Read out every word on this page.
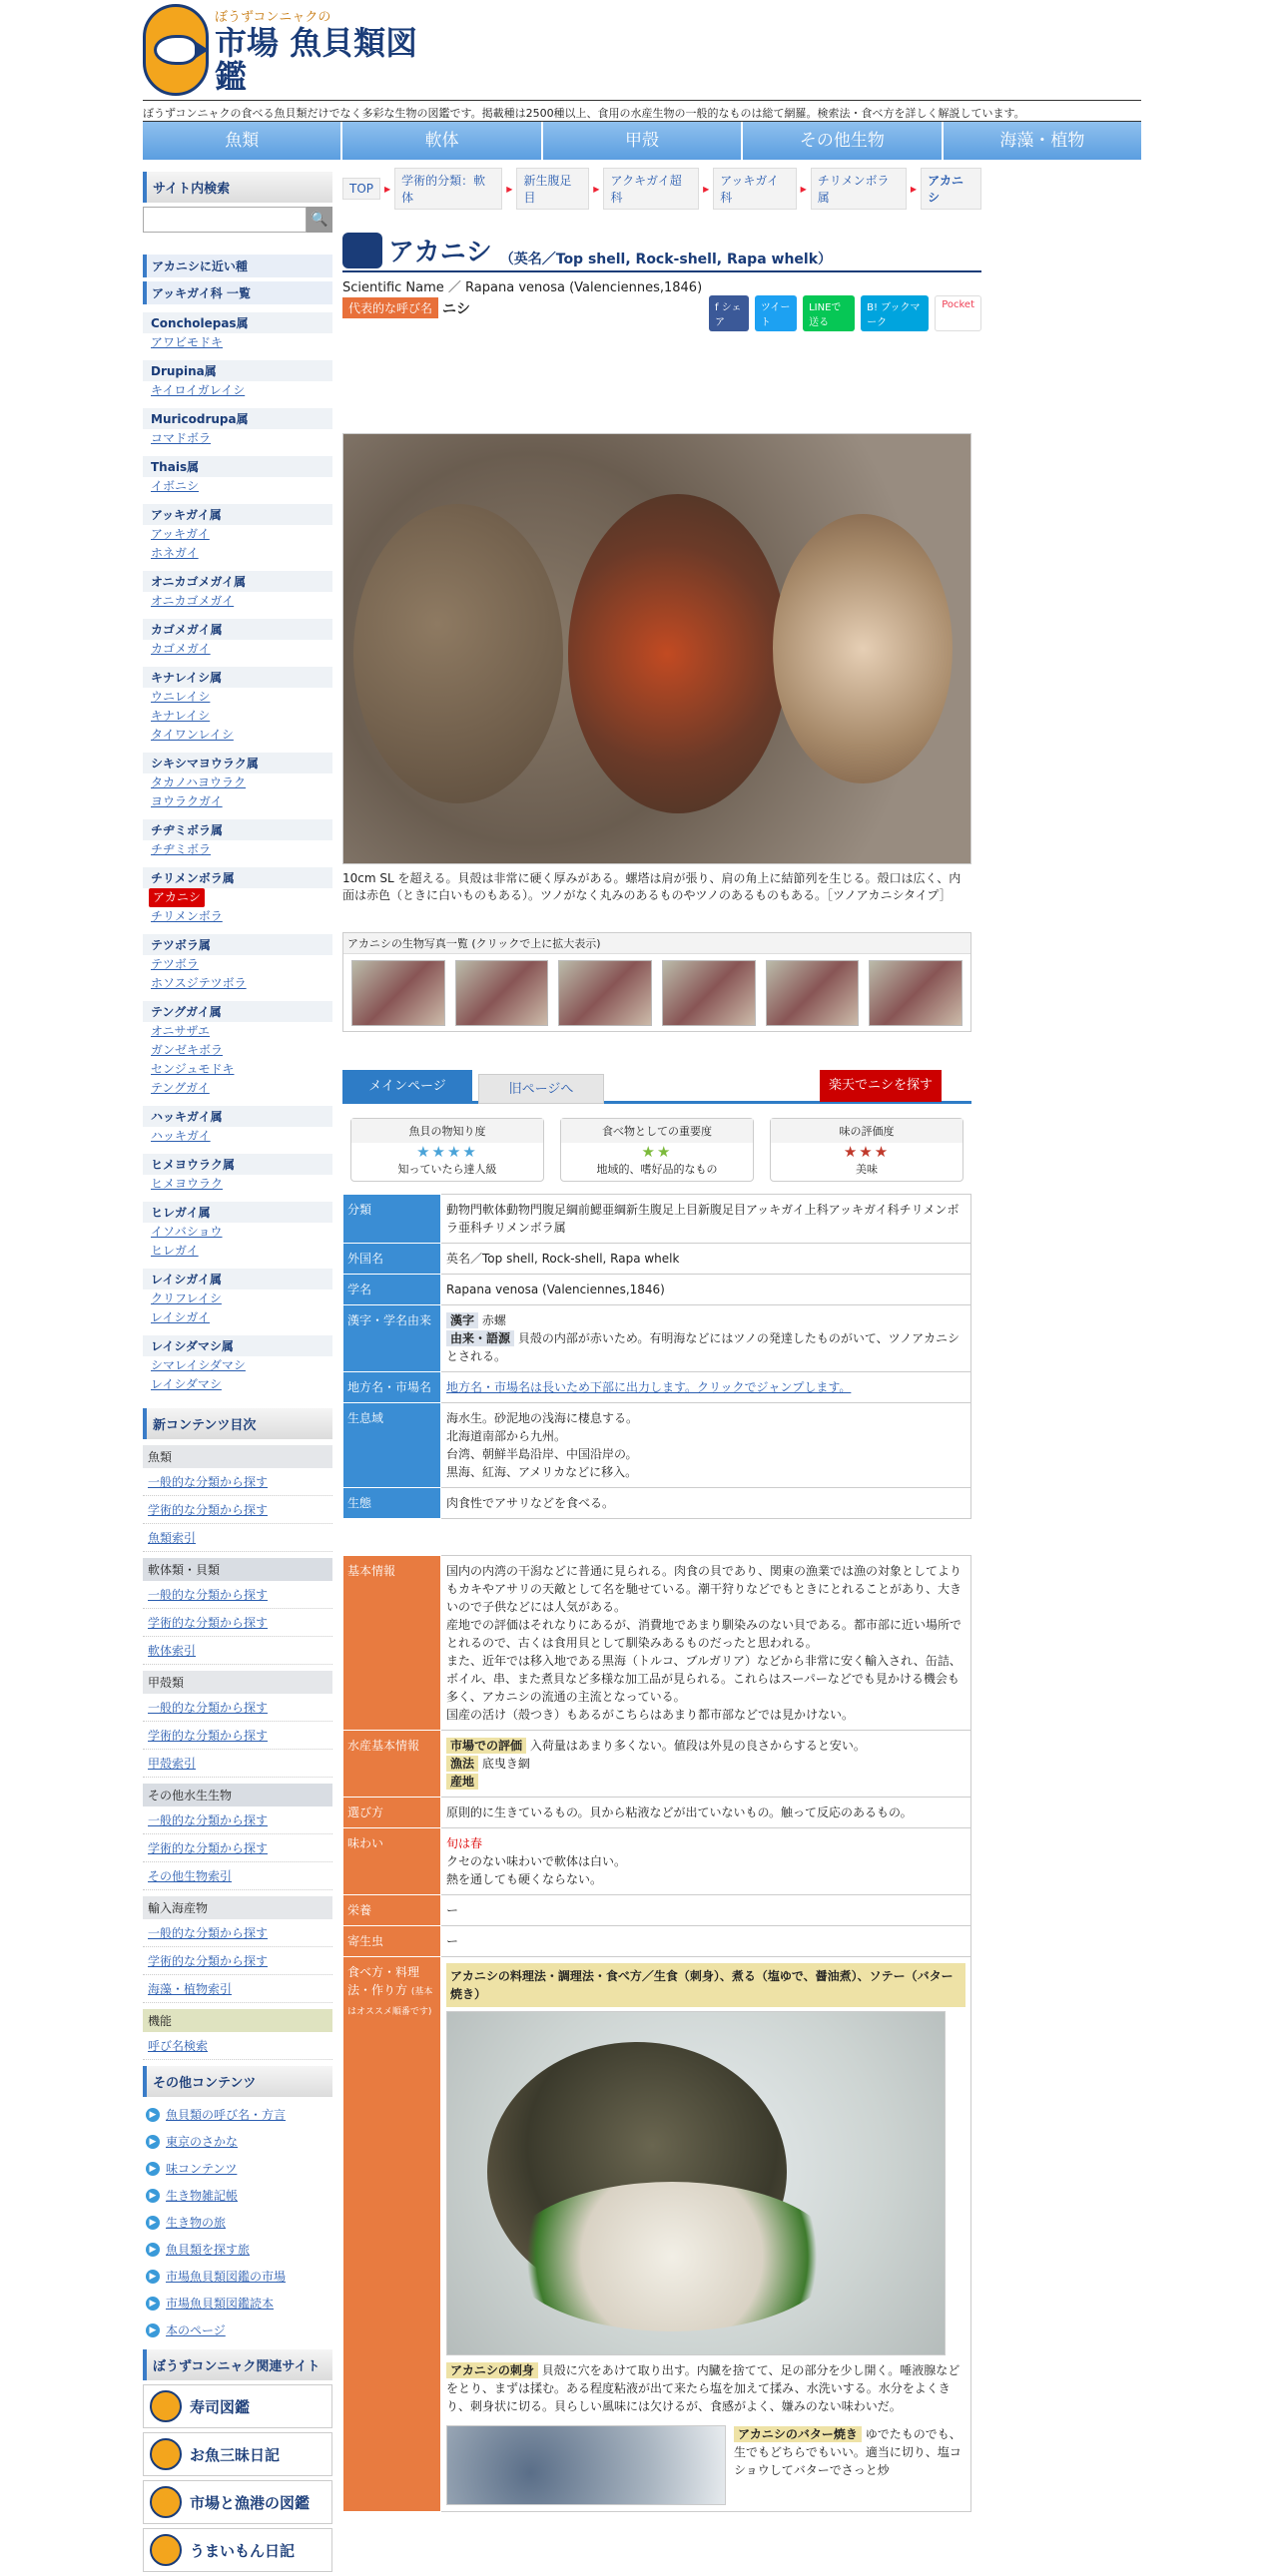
ぼうずコンニャクの
市場 魚貝類図鑑
ぼうずコンニャクの食べる魚貝類だけでなく多彩な生物の図鑑です。掲載種は2500種以上、食用の水産生物の一般的なものは総て網羅。検索法・食べ方を詳しく解説しています。
魚類	軟体	甲殻	その他生物	海藻・植物
サイト内検索
🔍
アカニシに近い種
アッキガイ科 一覧
Concholepas属
アワビモドキ
Drupina属
キイロイガレイシ
Muricodrupa属
コマドボラ
Thais属
イボニシ
アッキガイ属
アッキガイ
ホネガイ
オニカゴメガイ属
オニカゴメガイ
カゴメガイ属
カゴメガイ
キナレイシ属
ウニレイシ
キナレイシ
タイワンレイシ
シキシマヨウラク属
タカノハヨウラク
ヨウラクガイ
チヂミボラ属
チヂミボラ
チリメンボラ属
アカニシ
チリメンボラ
テツボラ属
テツボラ
ホソスジテツボラ
テングガイ属
オニサザエ
ガンゼキボラ
センジュモドキ
テングガイ
ハッキガイ属
ハッキガイ
ヒメヨウラク属
ヒメヨウラク
ヒレガイ属
イソバショウ
ヒレガイ
レイシガイ属
クリフレイシ
レイシガイ
レイシダマシ属
シマレイシダマシ
レイシダマシ
新コンテンツ目次
魚類
一般的な分類から探す
学術的な分類から探す
魚類索引
軟体類・貝類
一般的な分類から探す
学術的な分類から探す
軟体索引
甲殻類
一般的な分類から探す
学術的な分類から探す
甲殻索引
その他水生生物
一般的な分類から探す
学術的な分類から探す
その他生物索引
輸入海産物
一般的な分類から探す
学術的な分類から探す
海藻・植物索引
機能
呼び名検索
その他コンテンツ
▶ 魚貝類の呼び名・方言
▶ 東京のさかな
▶ 味コンテンツ
▶ 生き物雑記帳
▶ 生き物の旅
▶ 魚貝類を探す旅
▶ 市場魚貝類図鑑の市場
▶ 市場魚貝類図鑑読本
▶ 本のページ
ぼうずコンニャク関連サイト
寿司図鑑
お魚三昧日記
市場と漁港の図鑑
うまいもん日記
TOP	▶
学術的分類：軟体
▶
新生腹足目
▶
アクキガイ超科
▶
アッキガイ科
▶
チリメンボラ属
▶
アカニシ
アカニシ （英名／Top shell, Rock-shell, Rapa whelk）
Scientific Name ／ Rapana venosa (Valenciennes,1846)
代表的な呼び名 ニシ	f シェア
ツイート
LINEで送る
B! ブックマーク
Pocket
10cm SL を超える。貝殻は非常に硬く厚みがある。螺塔は肩が張り、肩の角上に結節列を生じる。殻口は広く、内面は赤色（ときに白いものもある）。ツノがなく丸みのあるものやツノのあるものもある。［ツノアカニシタイプ］
アカニシの生物写真一覧 (クリックで上に拡大表示)
メインページ	旧ページへ	楽天でニシを探す
魚貝の物知り度
★★★★
知っていたら達人級
食べ物としての重要度
★★
地域的、嗜好品的なもの
味の評価度
★★★
美味
分類	動物門軟体動物門腹足綱前鰓亜綱新生腹足上目新腹足目アッキガイ上科アッキガイ科チリメンボラ亜科チリメンボラ属
外国名	英名／Top shell, Rock-shell, Rapa whelk
学名	Rapana venosa (Valenciennes,1846)
漢字・学名由来	漢字 赤螺
由来・語源 貝殻の内部が赤いため。有明海などにはツノの発達したものがいて、ツノアカニシとされる。
地方名・市場名	地方名・市場名は長いため下部に出力します。クリックでジャンプします。
生息域	海水生。砂泥地の浅海に棲息する。
北海道南部から九州。
台湾、朝鮮半島沿岸、中国沿岸の。
黒海、紅海、アメリカなどに移入。
生態	肉食性でアサリなどを食べる。
基本情報	国内の内湾の干潟などに普通に見られる。肉食の貝であり、関東の漁業では漁の対象としてよりもカキやアサリの天敵として名を馳せている。潮干狩りなどでもときにとれることがあり、大きいので子供などには人気がある。
産地での評価はそれなりにあるが、消費地であまり馴染みのない貝である。都市部に近い場所でとれるので、古くは食用貝として馴染みあるものだったと思われる。
また、近年では移入地である黒海（トルコ、ブルガリア）などから非常に安く輸入され、缶詰、ボイル、串、また煮貝など多様な加工品が見られる。これらはスーパーなどでも見かける機会も多く、アカニシの流通の主流となっている。
国産の活け（殻つき）もあるがこちらはあまり都市部などでは見かけない。
水産基本情報	市場での評価 入荷量はあまり多くない。値段は外見の良さからすると安い。
漁法 底曳き網
産地
選び方	原則的に生きているもの。貝から粘液などが出ていないもの。触って反応のあるもの。
味わい	旬は春
クセのない味わいで軟体は白い。
熱を通しても硬くならない。
栄養	ー
寄生虫	ー
食べ方・料理法・作り方 (基本はオススメ順番です)	アカニシの料理法・調理法・食べ方／生食（刺身）、煮る（塩ゆで、醤油煮）、ソテー（バター焼き）
アカニシの刺身 貝殻に穴をあけて取り出す。内臓を捨てて、足の部分を少し開く。唾液腺などをとり、まずは揉む。ある程度粘液が出て来たら塩を加えて揉み、水洗いする。水分をよくきり、刺身状に切る。貝らしい風味には欠けるが、食感がよく、嫌みのない味わいだ。
アカニシのバター焼き ゆでたものでも、生でもどちらでもいい。適当に切り、塩コショウしてバターでさっと炒
